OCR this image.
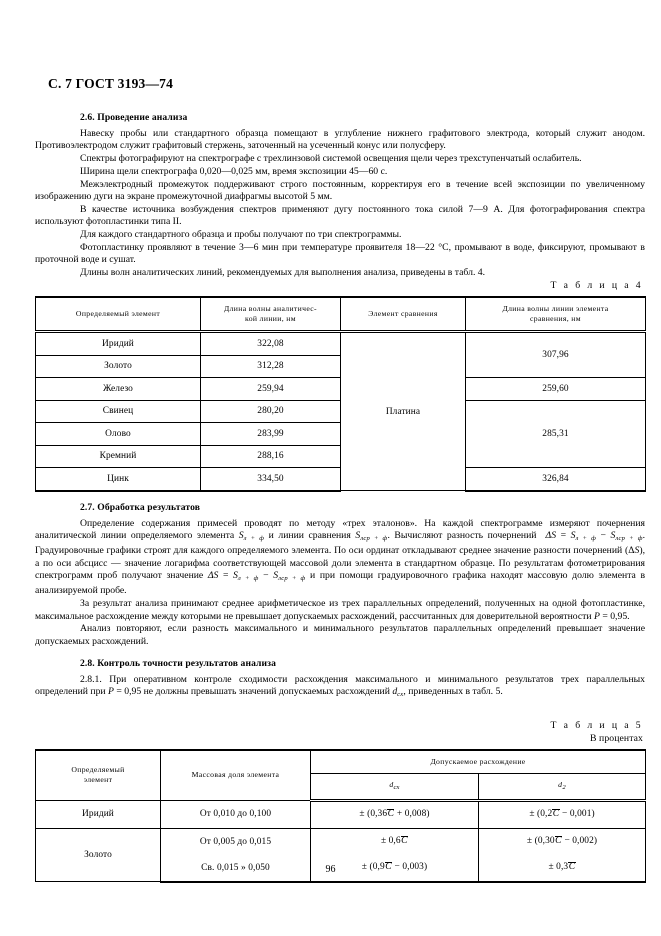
С. 7 ГОСТ 3193—74
2.6. Проведение анализа

Навеску пробы или стандартного образца помещают в углубление нижнего графитового электрода, который служит анодом. Противоэлектродом служит графитовый стержень, заточенный на усеченный конус или полусферу.

Спектры фотографируют на спектрографе с трехлинзовой системой освещения щели через трехступенчатый ослабитель.

Ширина щели спектрографа 0,020—0,025 мм, время экспозиции 45—60 с.

Межэлектродный промежуток поддерживают строго постоянным, корректируя его в течение всей экспозиции по увеличенному изображению дуги на экране промежуточной диафрагмы высотой 5 мм.

В качестве источника возбуждения спектров применяют дугу постоянного тока силой 7—9 А. Для фотографирования спектра используют фотопластинки типа II.

Для каждого стандартного образца и пробы получают по три спектрограммы.

Фотопластинку проявляют в течение 3—6 мин при температуре проявителя 18—22 °C, промывают в воде, фиксируют, промывают в проточной воде и сушат.

Длины волн аналитических линий, рекомендуемых для выполнения анализа, приведены в табл. 4.

Т а б л и ц а 4

Определяемый элемент	Длина волны аналитичес-
кой линии, нм	Элемент сравнения	Длина волны линии элемента
сравнения, нм

Иридий	322,08	Платина	307,96
Золото	312,28		
Железо	259,94		259,60
Свинец	280,20		285,31
Олово	283,99		
Кремний	288,16		
Цинк	334,50		326,84
2.7. Обработка результатов

Определение содержания примесей проводят по методу «трех эталонов». На каждой спектрограмме измеряют почернения аналитической линии определяемого элемента $S_{л + ф}$ и линии сравнения $S_{лср + ф}$. Вычисляют разность почернений  $\Delta S = S_{л + ф} - S_{лср + ф}$. Градуировочные графики строят для каждого определяемого элемента. По оси ординат откладывают среднее значение разности почернений (ΔS), а по оси абсцисс — значение логарифма соответствующей массовой доли элемента в стандартном образце. По результатам фотометрирования спектрограмм проб получают значение $\Delta S = S_{л + ф} - S_{лср + ф}$ и при помощи градуировочного графика находят массовую долю элемента в анализируемой пробе.

За результат анализа принимают среднее арифметическое из трех параллельных определений, полученных на одной фотопластинке, максимальное расхождение между которыми не превышает допускаемых расхождений, рассчитанных для доверительной вероятности P = 0,95.

Анализ повторяют, если разность максимального и минимального результатов параллельных определений превышает значение допускаемых расхождений.

2.8. Контроль точности результатов анализа

2.8.1. При оперативном контроле сходимости расхождения максимального и минимального результатов трех параллельных определений при P = 0,95 не должны превышать значений допускаемых расхождений $d_{сх}$, приведенных в табл. 5.

Т а б л и ц а 5

В процентах

Определяемый
элемент	Массовая доля элемента	Допускаемое расхождение	

		$d_{сх}$	$d_2$
Иридий	От 0,010 до 0,100	± (0,36C + 0,008)	± (0,2C − 0,001)
Золото	От 0,005 до 0,015	± 0,6C	± (0,30C − 0,002)
	Св. 0,015 » 0,050	± (0,9C − 0,003)	± 0,3C
96
